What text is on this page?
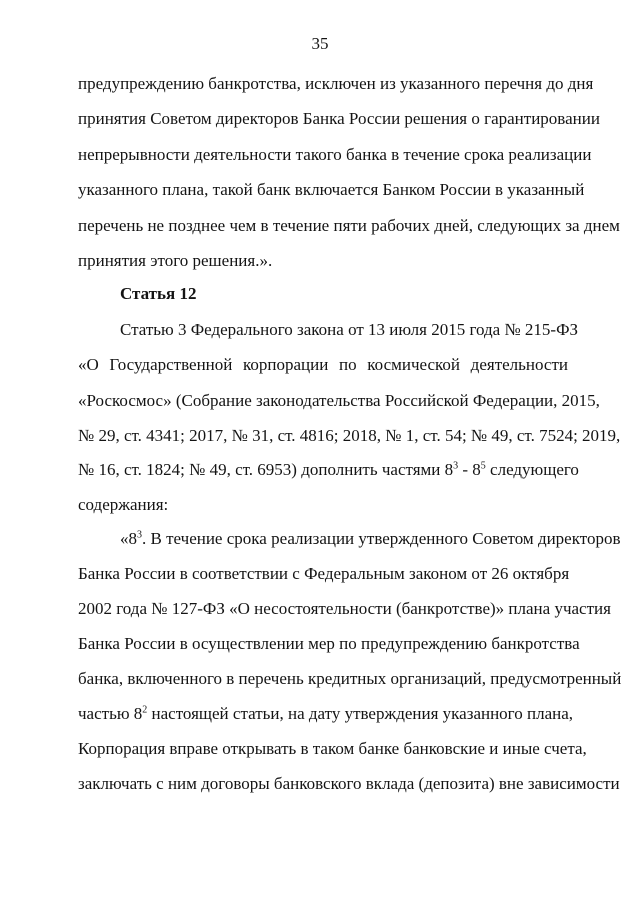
35
предупреждению банкротства, исключен из указанного перечня до дня
принятия Советом директоров Банка России решения о гарантировании
непрерывности деятельности такого банка в течение срока реализации
указанного плана, такой банк включается Банком России в указанный
перечень не позднее чем в течение пяти рабочих дней, следующих за днем
принятия этого решения.».
Статья 12
Статью 3 Федерального закона от 13 июля 2015 года № 215-ФЗ
«О Государственной корпорации по космической деятельности
«Роскосмос» (Собрание законодательства Российской Федерации, 2015,
№ 29, ст. 4341; 2017, № 31, ст. 4816; 2018, № 1, ст. 54; № 49, ст. 7524; 2019,
№ 16, ст. 1824; № 49, ст. 6953) дополнить частями $8^3 - 8^5$ следующего
содержания:
«$8^3$. В течение срока реализации утвержденного Советом директоров
Банка России в соответствии с Федеральным законом от 26 октября
2002 года № 127-ФЗ «О несостоятельности (банкротстве)» плана участия
Банка России в осуществлении мер по предупреждению банкротства
банка, включенного в перечень кредитных организаций, предусмотренный
частью $8^2$ настоящей статьи, на дату утверждения указанного плана,
Корпорация вправе открывать в таком банке банковские и иные счета,
заключать с ним договоры банковского вклада (депозита) вне зависимости
